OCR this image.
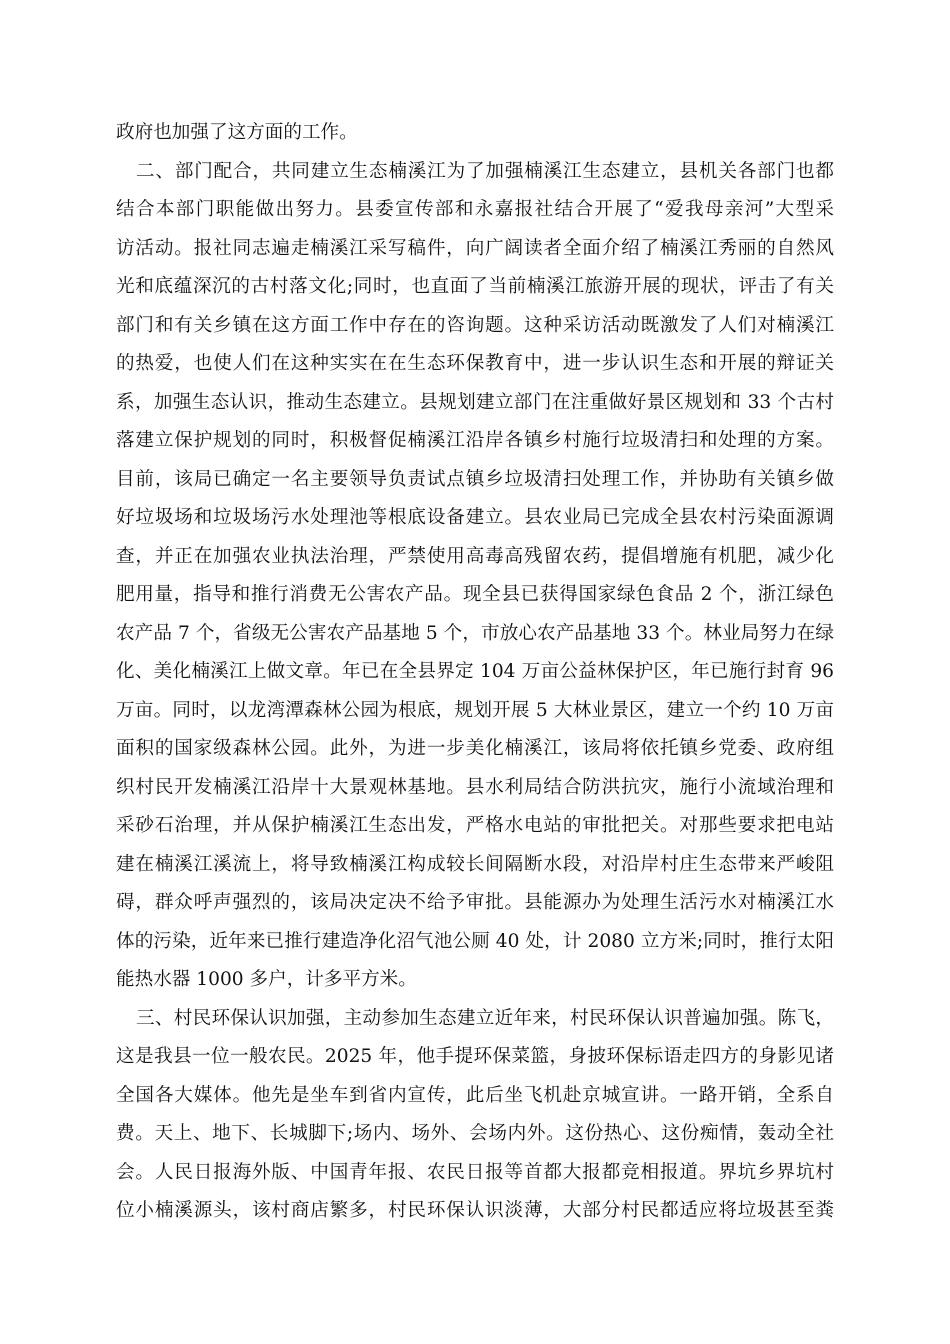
政府也加强了这方面的工作。
二、部门配合，共同建立生态楠溪江为了加强楠溪江生态建立，县机关各部门也都
结合本部门职能做出努力。县委宣传部和永嘉报社结合开展了“爱我母亲河”大型采
访活动。报社同志遍走楠溪江采写稿件，向广阔读者全面介绍了楠溪江秀丽的自然风
光和底蕴深沉的古村落文化;同时，也直面了当前楠溪江旅游开展的现状，评击了有关
部门和有关乡镇在这方面工作中存在的咨询题。这种采访活动既激发了人们对楠溪江
的热爱，也使人们在这种实实在在生态环保教育中，进一步认识生态和开展的辩证关
系，加强生态认识，推动生态建立。县规划建立部门在注重做好景区规划和 33 个古村
落建立保护规划的同时，积极督促楠溪江沿岸各镇乡村施行垃圾清扫和处理的方案。
目前，该局已确定一名主要领导负责试点镇乡垃圾清扫处理工作，并协助有关镇乡做
好垃圾场和垃圾场污水处理池等根底设备建立。县农业局已完成全县农村污染面源调
查，并正在加强农业执法治理，严禁使用高毒高残留农药，提倡增施有机肥，减少化
肥用量，指导和推行消费无公害农产品。现全县已获得国家绿色食品 2 个，浙江绿色
农产品 7 个，省级无公害农产品基地 5 个，市放心农产品基地 33 个。林业局努力在绿
化、美化楠溪江上做文章。年已在全县界定 104 万亩公益林保护区，年已施行封育 96
万亩。同时，以龙湾潭森林公园为根底，规划开展 5 大林业景区，建立一个约 10 万亩
面积的国家级森林公园。此外，为进一步美化楠溪江，该局将依托镇乡党委、政府组
织村民开发楠溪江沿岸十大景观林基地。县水利局结合防洪抗灾，施行小流域治理和
采砂石治理，并从保护楠溪江生态出发，严格水电站的审批把关。对那些要求把电站
建在楠溪江溪流上，将导致楠溪江构成较长间隔断水段，对沿岸村庄生态带来严峻阻
碍，群众呼声强烈的，该局决定决不给予审批。县能源办为处理生活污水对楠溪江水
体的污染，近年来已推行建造净化沼气池公厕 40 处，计 2080 立方米;同时，推行太阳
能热水器 1000 多户，计多平方米。
三、村民环保认识加强，主动参加生态建立近年来，村民环保认识普遍加强。陈飞，
这是我县一位一般农民。2025 年，他手提环保菜篮，身披环保标语走四方的身影见诸
全国各大媒体。他先是坐车到省内宣传，此后坐飞机赴京城宣讲。一路开销，全系自
费。天上、地下、长城脚下;场内、场外、会场内外。这份热心、这份痴情，轰动全社
会。人民日报海外版、中国青年报、农民日报等首都大报都竞相报道。界坑乡界坑村
位小楠溪源头，该村商店繁多，村民环保认识淡薄，大部分村民都适应将垃圾甚至粪
